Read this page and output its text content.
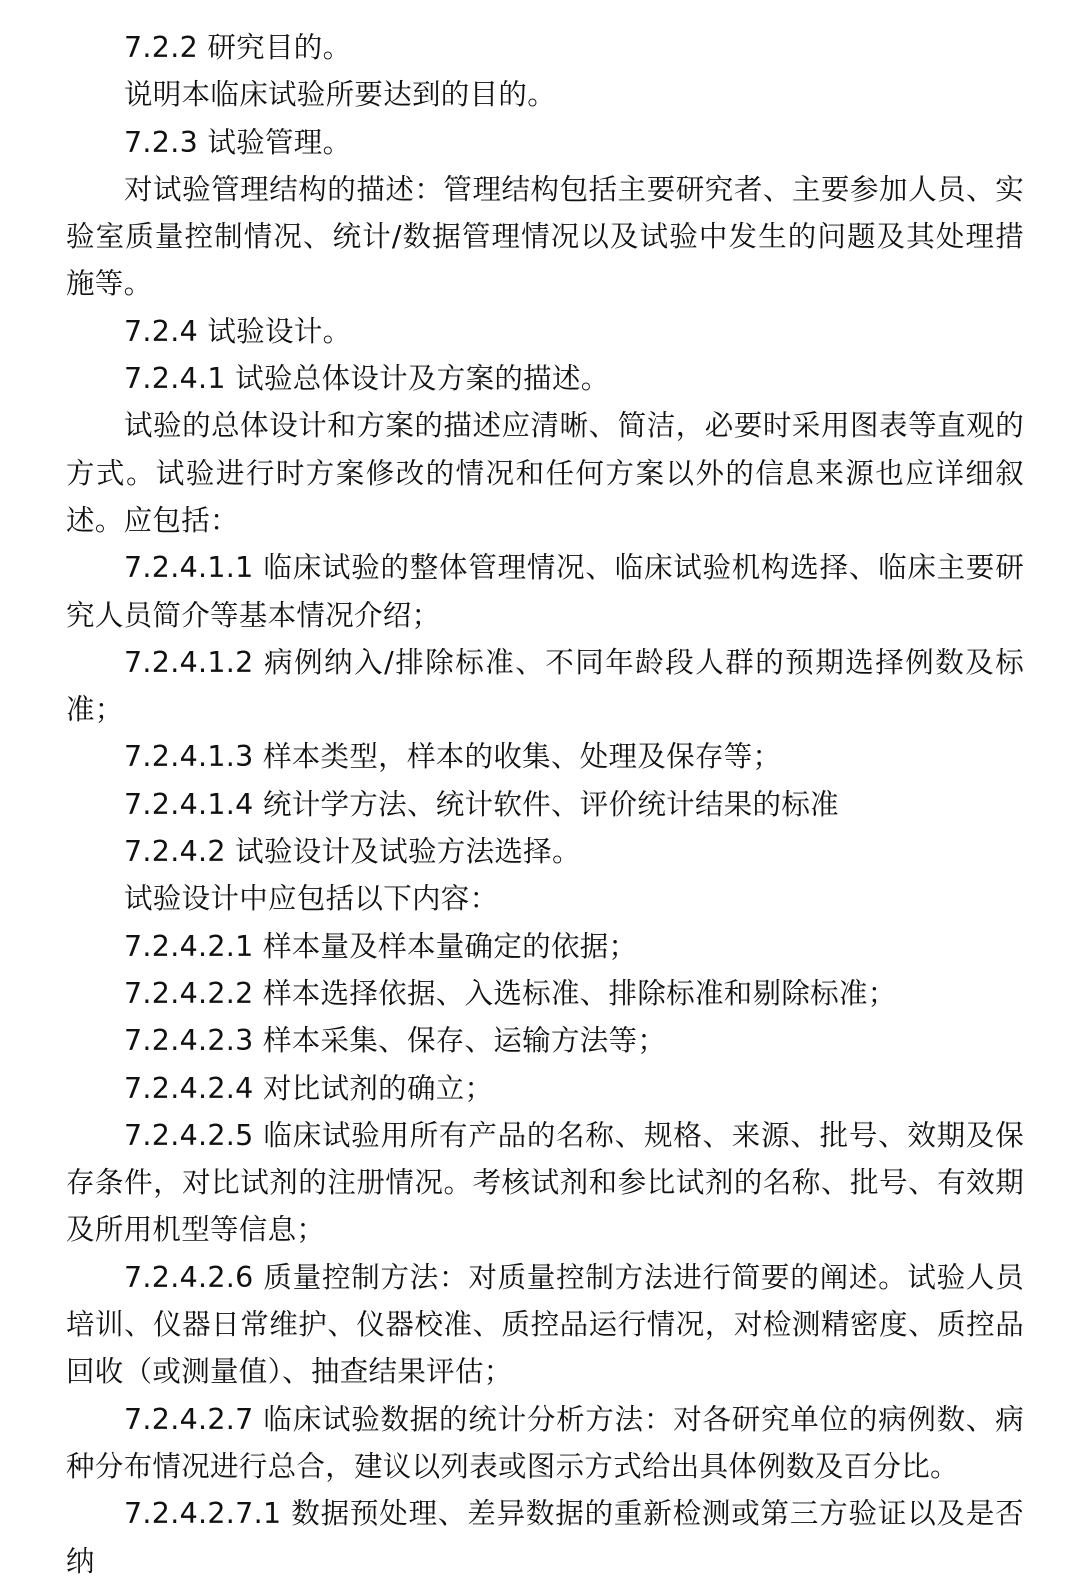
7.2.2 研究目的。

说明本临床试验所要达到的目的。

7.2.3 试验管理。

对试验管理结构的描述：管理结构包括主要研究者、主要参加人员、实验室质量控制情况、统计/数据管理情况以及试验中发生的问题及其处理措施等。

7.2.4 试验设计。

7.2.4.1 试验总体设计及方案的描述。

试验的总体设计和方案的描述应清晰、简洁，必要时采用图表等直观的方式。试验进行时方案修改的情况和任何方案以外的信息来源也应详细叙述。应包括：

7.2.4.1.1 临床试验的整体管理情况、临床试验机构选择、临床主要研究人员简介等基本情况介绍；

7.2.4.1.2 病例纳入/排除标准、不同年龄段人群的预期选择例数及标准；

7.2.4.1.3 样本类型，样本的收集、处理及保存等；

7.2.4.1.4 统计学方法、统计软件、评价统计结果的标准

7.2.4.2 试验设计及试验方法选择。

试验设计中应包括以下内容：

7.2.4.2.1 样本量及样本量确定的依据；

7.2.4.2.2 样本选择依据、入选标准、排除标准和剔除标准；

7.2.4.2.3 样本采集、保存、运输方法等；

7.2.4.2.4 对比试剂的确立；

7.2.4.2.5 临床试验用所有产品的名称、规格、来源、批号、效期及保存条件，对比试剂的注册情况。考核试剂和参比试剂的名称、批号、有效期及所用机型等信息；

7.2.4.2.6 质量控制方法：对质量控制方法进行简要的阐述。试验人员培训、仪器日常维护、仪器校准、质控品运行情况，对检测精密度、质控品回收（或测量值）、抽查结果评估；

7.2.4.2.7 临床试验数据的统计分析方法：对各研究单位的病例数、病种分布情况进行总合，建议以列表或图示方式给出具体例数及百分比。

7.2.4.2.7.1 数据预处理、差异数据的重新检测或第三方验证以及是否纳
